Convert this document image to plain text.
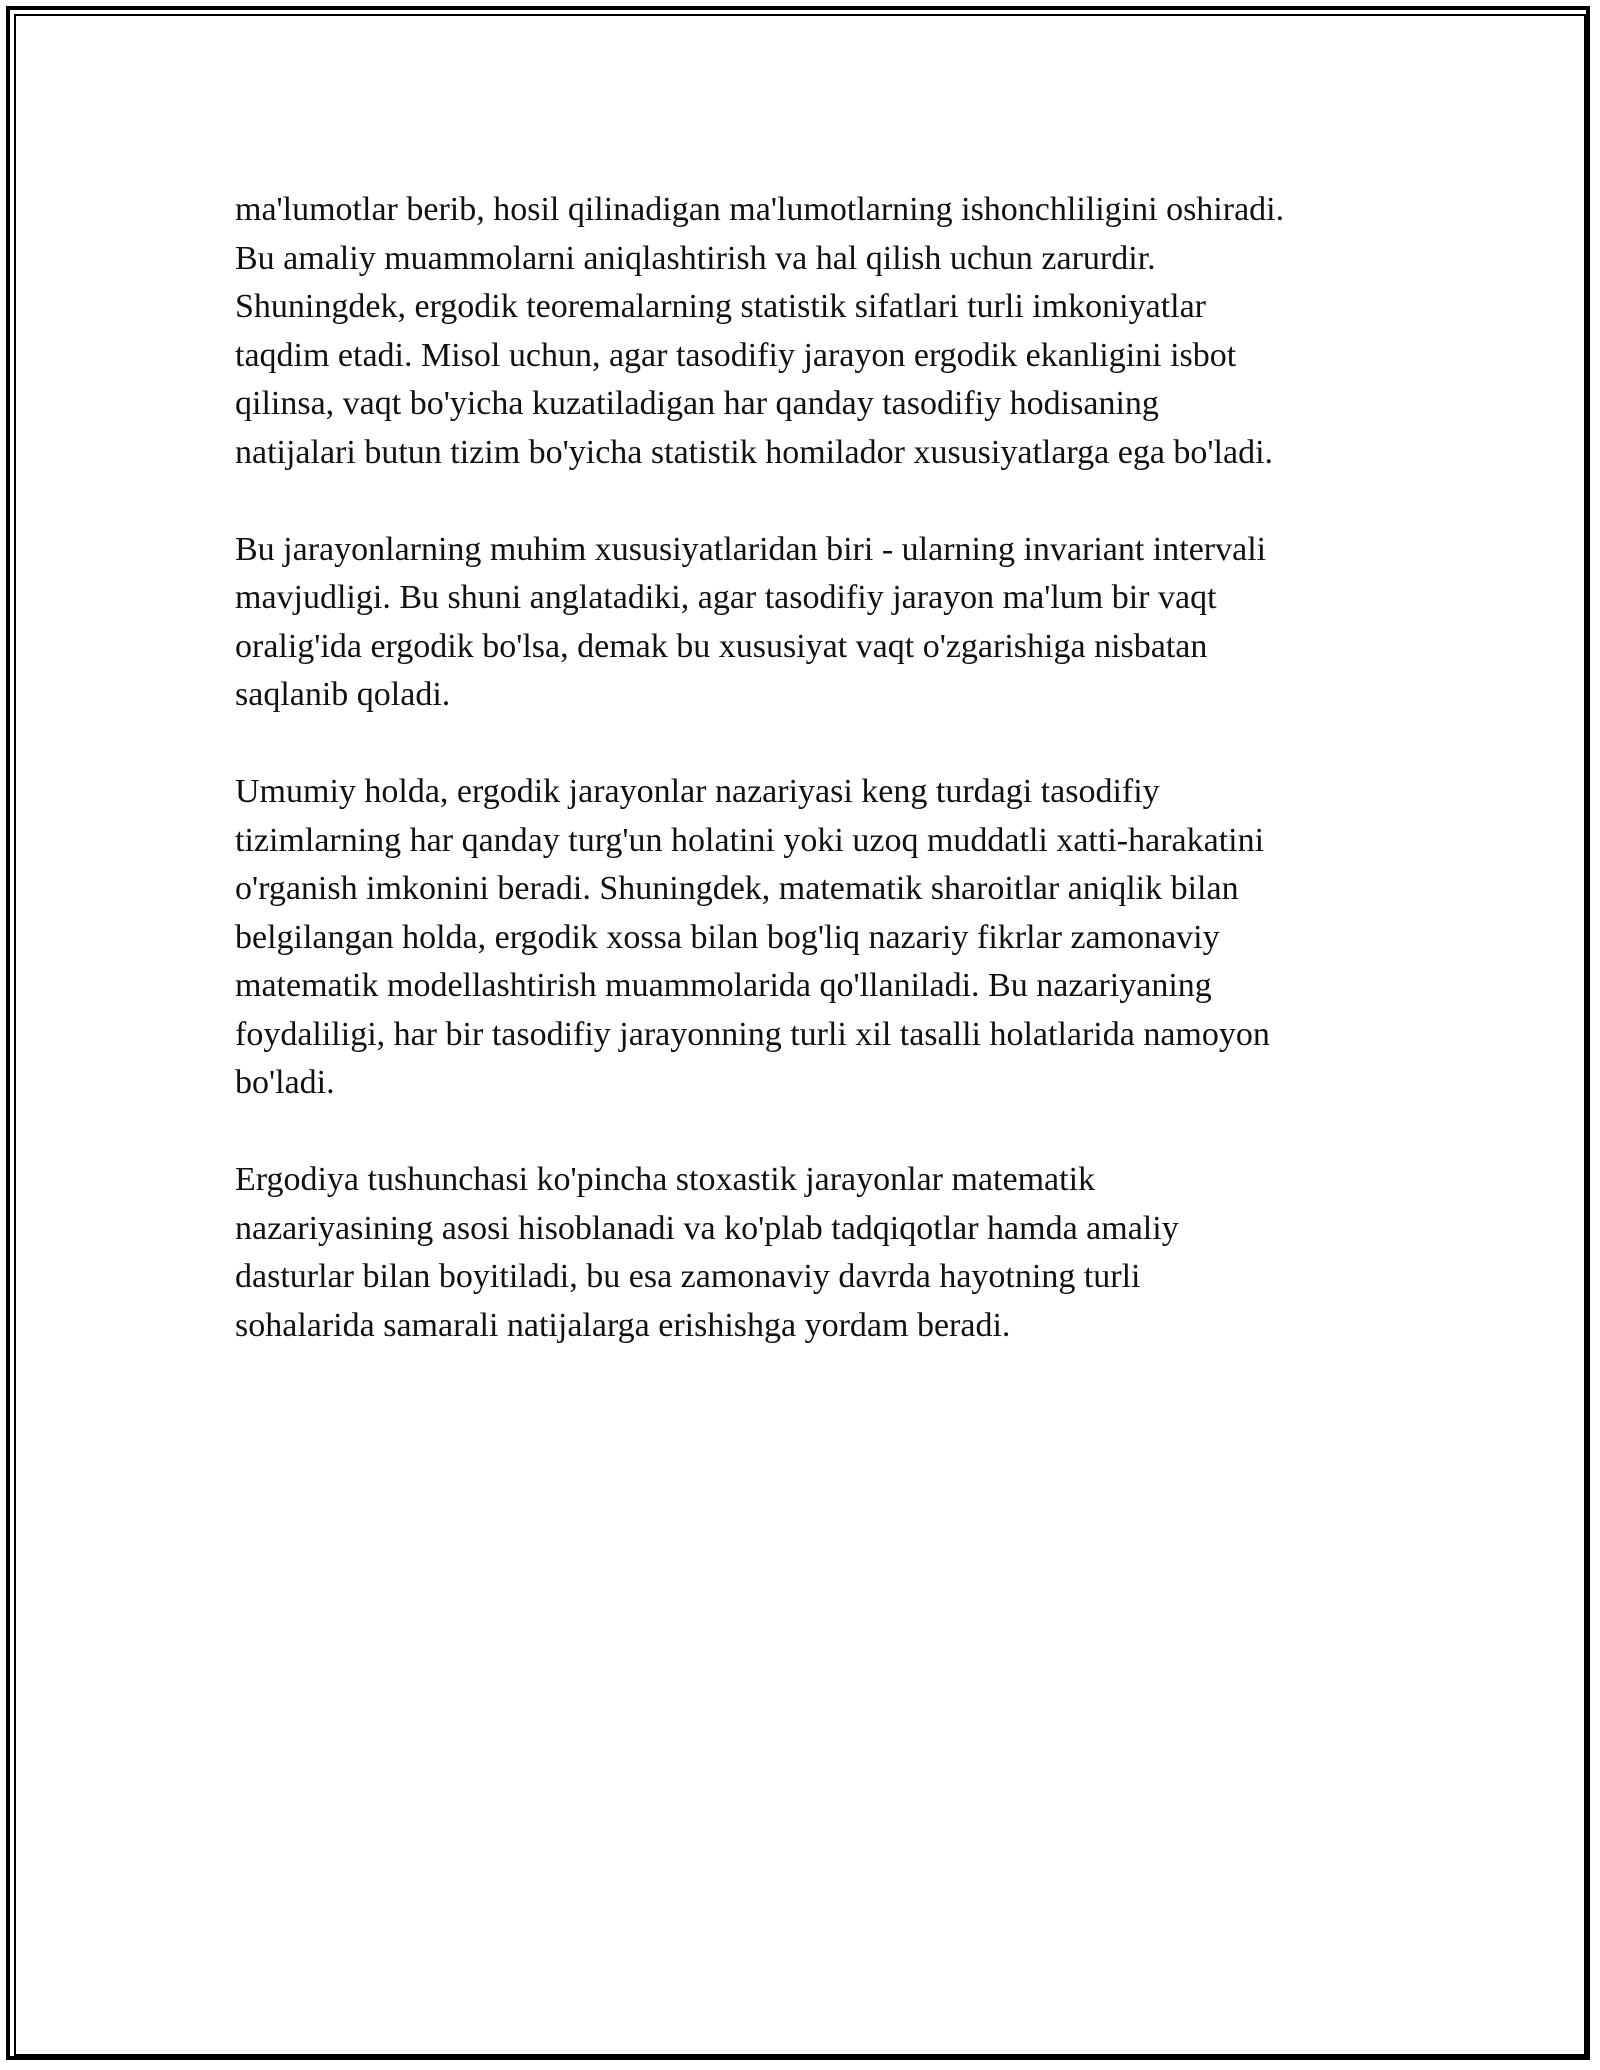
ma'lumotlar berib, hosil qilinadigan ma'lumotlarning ishonchliligini oshiradi.
Bu amaliy muammolarni aniqlashtirish va hal qilish uchun zarurdir.
Shuningdek, ergodik teoremalarning statistik sifatlari turli imkoniyatlar
taqdim etadi. Misol uchun, agar tasodifiy jarayon ergodik ekanligini isbot
qilinsa, vaqt bo'yicha kuzatiladigan har qanday tasodifiy hodisaning
natijalari butun tizim bo'yicha statistik homilador xususiyatlarga ega bo'ladi.

Bu jarayonlarning muhim xususiyatlaridan biri - ularning invariant intervali
mavjudligi. Bu shuni anglatadiki, agar tasodifiy jarayon ma'lum bir vaqt
oralig'ida ergodik bo'lsa, demak bu xususiyat vaqt o'zgarishiga nisbatan
saqlanib qoladi.

Umumiy holda, ergodik jarayonlar nazariyasi keng turdagi tasodifiy
tizimlarning har qanday turg'un holatini yoki uzoq muddatli xatti-harakatini
o'rganish imkonini beradi. Shuningdek, matematik sharoitlar aniqlik bilan
belgilangan holda, ergodik xossa bilan bog'liq nazariy fikrlar zamonaviy
matematik modellashtirish muammolarida qo'llaniladi. Bu nazariyaning
foydaliligi, har bir tasodifiy jarayonning turli xil tasalli holatlarida namoyon
bo'ladi.

Ergodiya tushunchasi ko'pincha stoxastik jarayonlar matematik
nazariyasining asosi hisoblanadi va ko'plab tadqiqotlar hamda amaliy
dasturlar bilan boyitiladi, bu esa zamonaviy davrda hayotning turli
sohalarida samarali natijalarga erishishga yordam beradi.
